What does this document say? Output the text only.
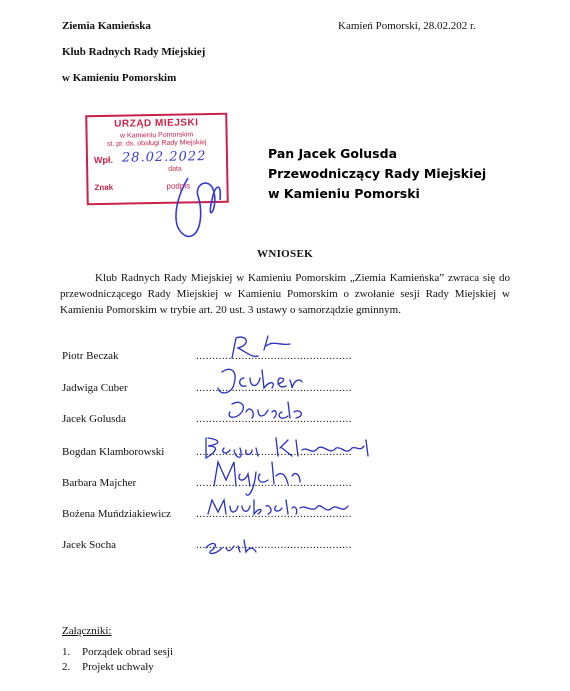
Ziemia Kamieńska
Klub Radnych Rady Miejskiej
w Kamieniu Pomorskim
Kamień Pomorski, 28.02.202 r.
URZĄD MIEJSKI
w Kamieniu Pomorskim
st. pr. ds. obsługi Rady Miejskiej
Wpł. 28.02.2022
data
Znak	podpis
Pan Jacek Golusda
Przewodniczący Rady Miejskiej
w Kamieniu Pomorski
WNIOSEK
Klub Radnych Rady Miejskiej w Kamieniu Pomorskim „Ziemia Kamieńska” zwraca się do przewodniczącego Rady Miejskiej w Kamieniu Pomorskim o zwołanie sesji Rady Miejskiej w Kamieniu Pomorskim w trybie art. 20 ust. 3 ustawy o samorządzie gminnym.
Piotr Beczak	................................................
Jadwiga Cuber	................................................
Jacek Golusda	................................................
Bogdan Klamborowski	................................................
Barbara Majcher	................................................
Bożena Muńdziakiewicz ................................................
Jacek Socha	................................................
Załączniki:
1. Porządek obrad sesji
2. Projekt uchwały
